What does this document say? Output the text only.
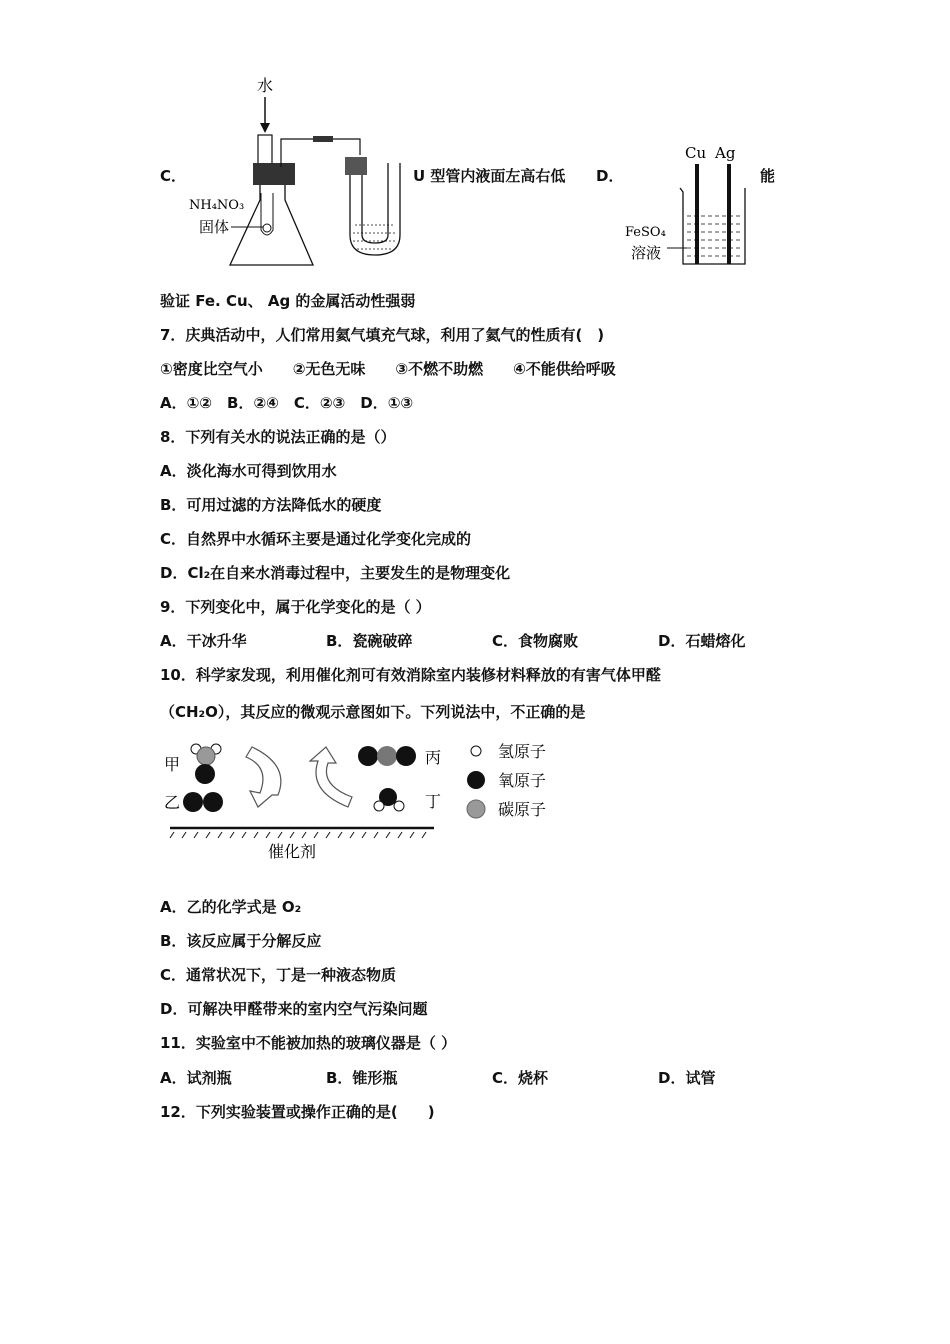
C．
水
NH₄NO₃
固体
U 型管内液面左高右低 D．
Cu Ag
FeSO₄
溶液
能
验证 Fe. Cu、 Ag 的金属活动性强弱
7．庆典活动中，人们常用氦气填充气球，利用了氦气的性质有(　)
①密度比空气小　　②无色无味　　③不燃不助燃　　④不能供给呼吸
A．①②　B．②④　C．②③　D．①③
8．下列有关水的说法正确的是（）
A．淡化海水可得到饮用水
B．可用过滤的方法降低水的硬度
C．自然界中水循环主要是通过化学变化完成的
D．Cl₂在自来水消毒过程中，主要发生的是物理变化
9．下列变化中，属于化学变化的是（ ）
A．干冰升华	B．瓷碗破碎	C．食物腐败	D．石蜡熔化
10．科学家发现，利用催化剂可有效消除室内装修材料释放的有害气体甲醛
（CH₂O），其反应的微观示意图如下。下列说法中，不正确的是
甲
乙
丙
丁
催化剂
氢原子
氧原子
碳原子
A．乙的化学式是 O₂
B．该反应属于分解反应
C．通常状况下，丁是一种液态物质
D．可解决甲醛带来的室内空气污染问题
11．实验室中不能被加热的玻璃仪器是（ ）
A．试剂瓶	B．锥形瓶	C．烧杯	D．试管
12．下列实验装置或操作正确的是(　　)
